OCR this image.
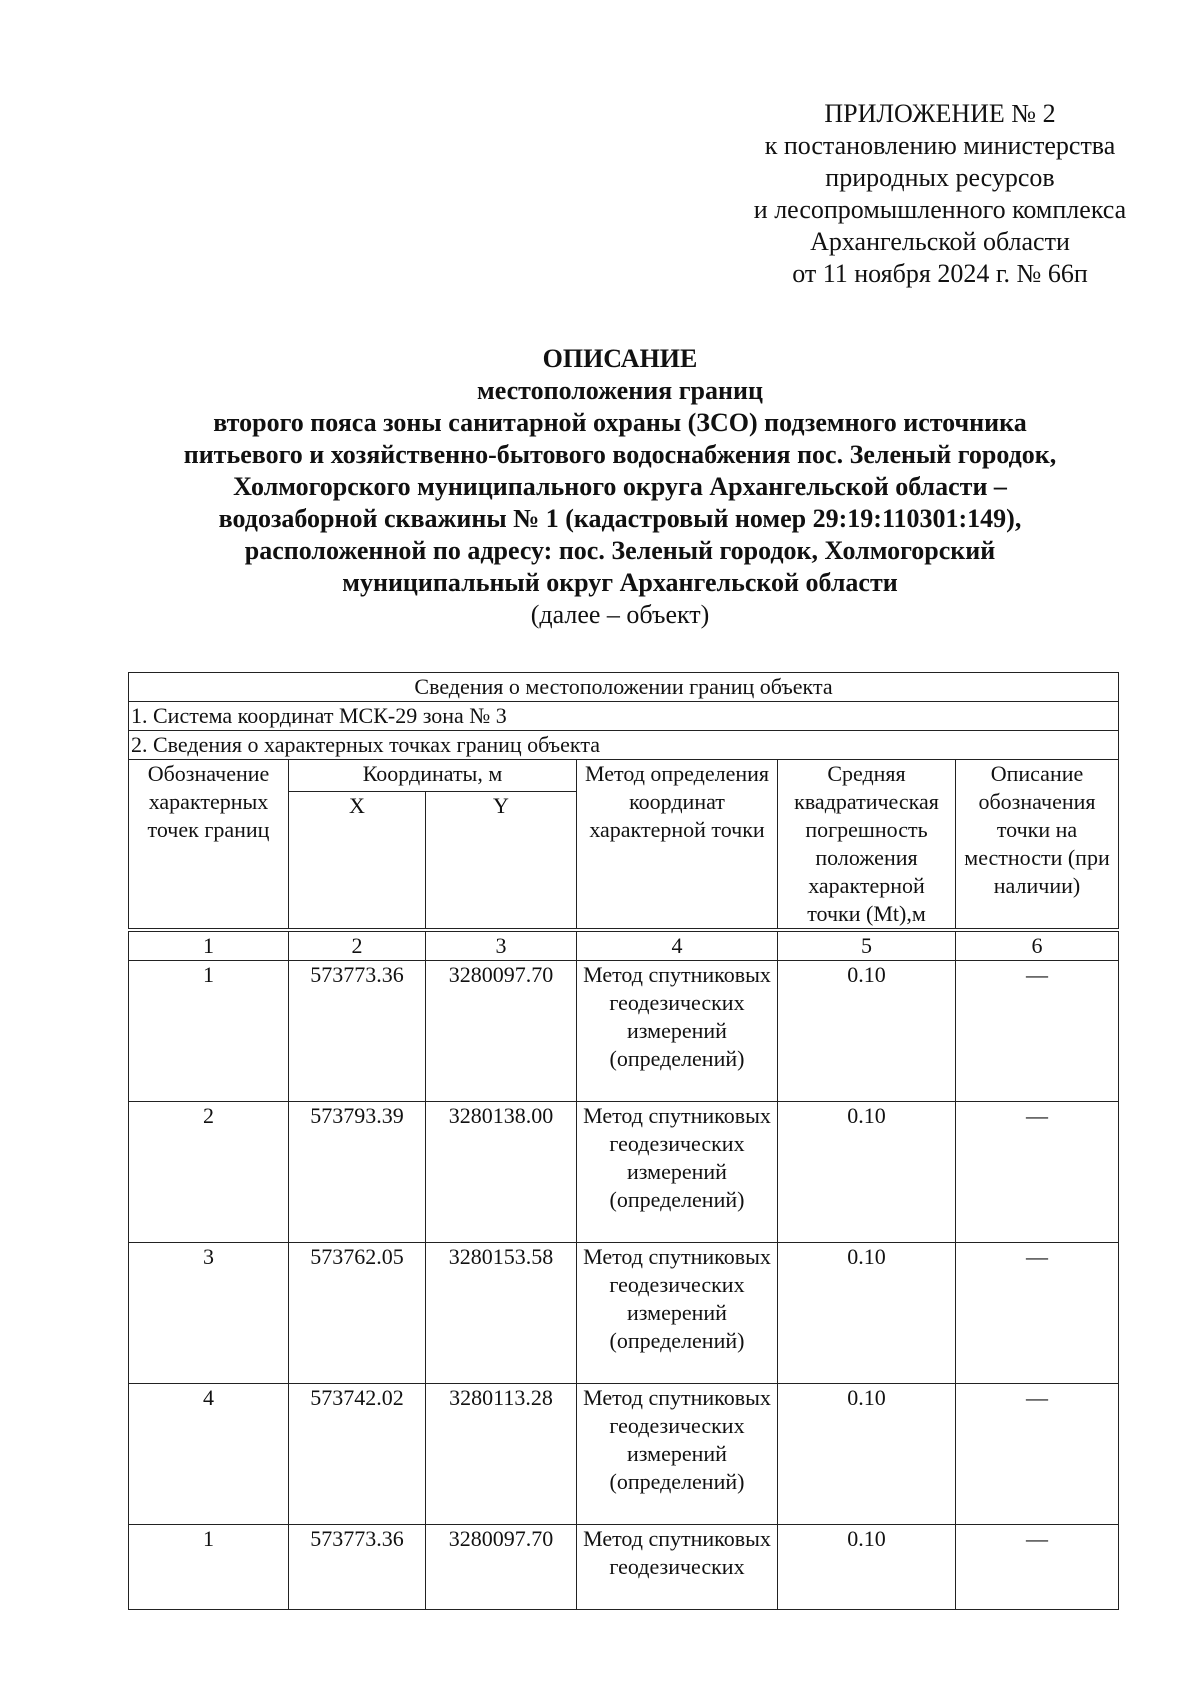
ПРИЛОЖЕНИЕ № 2
к постановлению министерства
природных ресурсов
и лесопромышленного комплекса
Архангельской области
от 11 ноября 2024 г. № 66п
ОПИСАНИЕ
местоположения границ
второго пояса зоны санитарной охраны (ЗСО) подземного источника
питьевого и хозяйственно-бытового водоснабжения пос. Зеленый городок,
Холмогорского муниципального округа Архангельской области –
водозаборной скважины № 1 (кадастровый номер 29:19:110301:149),
расположенной по адресу: пос. Зеленый городок, Холмогорский
муниципальный округ Архангельской области
(далее – объект)
Сведения о местоположении границ объекта					
1. Система координат МСК-29 зона № 3					
2. Сведения о характерных точках границ объекта					
Обозначение характерных точек границ	Координаты, м		Метод определения координат характерной точки	Средняя квадратическая погрешность положения характерной точки (Mt),м	Описание обозначения точки на местности (при наличии)
	X	Y			
1	2	3	4	5	6
1	573773.36	3280097.70	Метод спутниковых геодезических измерений (определений)	0.10	—
2	573793.39	3280138.00	Метод спутниковых геодезических измерений (определений)	0.10	—
3	573762.05	3280153.58	Метод спутниковых геодезических измерений (определений)	0.10	—
4	573742.02	3280113.28	Метод спутниковых геодезических измерений (определений)	0.10	—
1	573773.36	3280097.70	Метод спутниковых геодезических	0.10	—
